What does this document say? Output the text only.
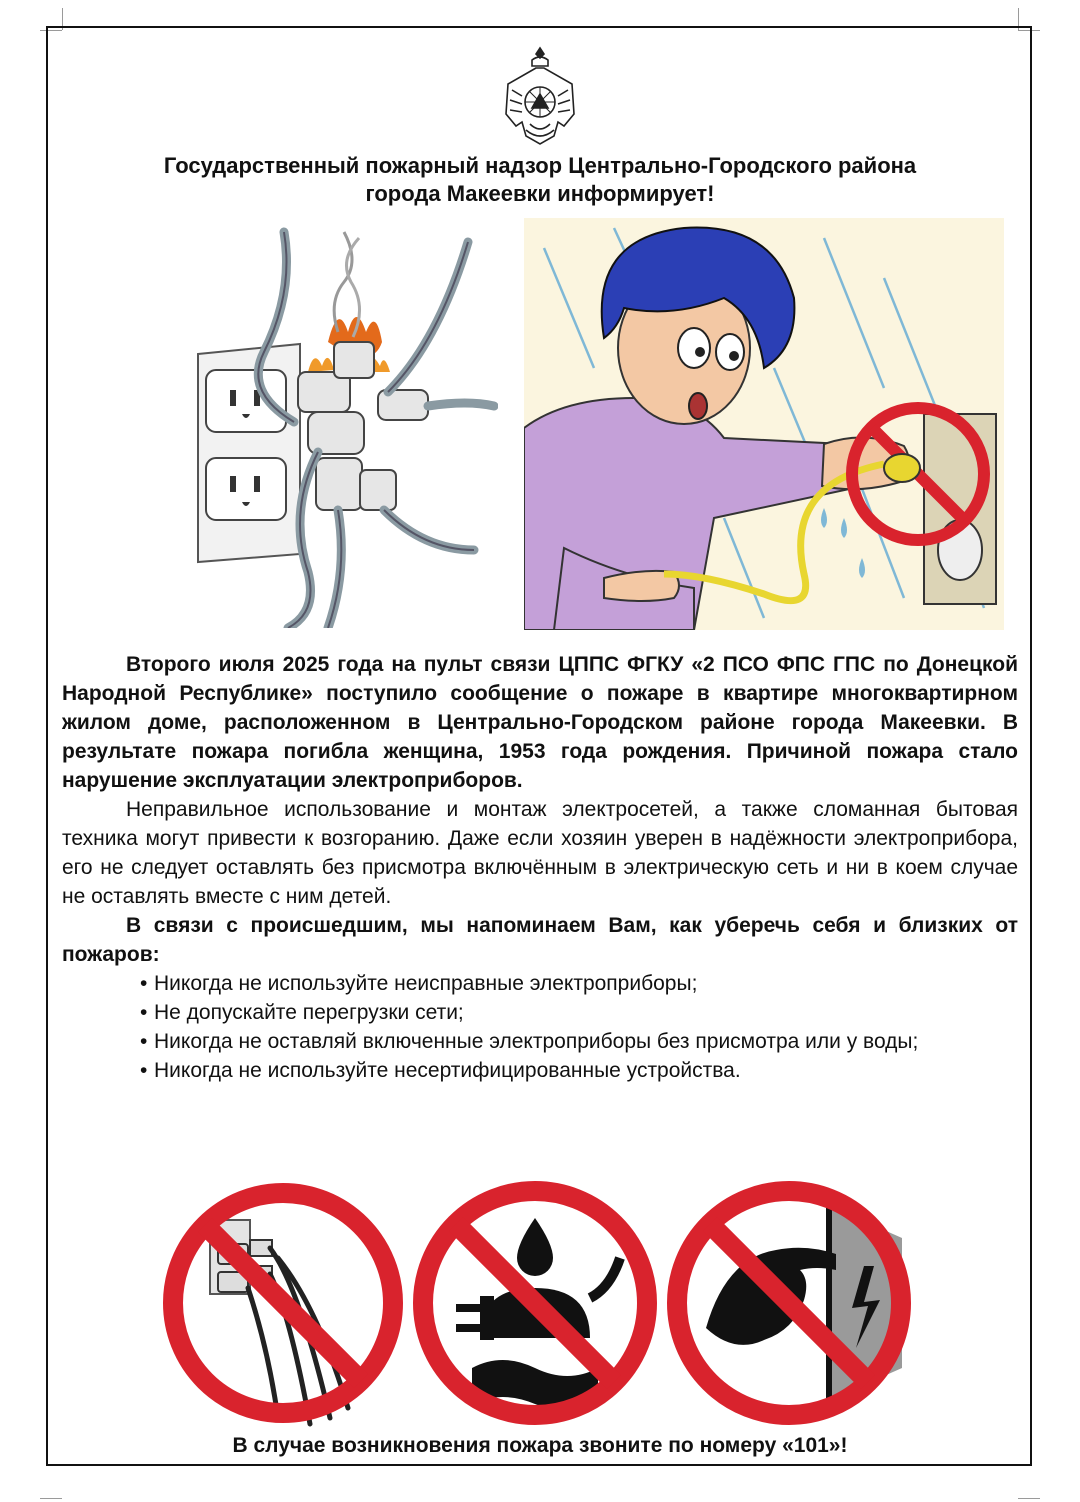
Государственный пожарный надзор Центрально-Городского района
города Макеевки информирует!

Второго июля 2025 года на пульт связи ЦППС ФГКУ «2 ПСО ФПС ГПС по Донецкой Народной Республике» поступило сообщение о пожаре в квартире многоквартирном жилом доме, расположенном в Центрально-Городском районе города Макеевки. В результате пожара погибла женщина, 1953 года рождения. Причиной пожара стало нарушение эксплуатации электроприборов.

Неправильное использование и монтаж электросетей, а также сломанная бытовая техника могут привести к возгоранию. Даже если хозяин уверен в надёжности электроприбора, его не следует оставлять без присмотра включённым в электрическую сеть и ни в коем случае не оставлять вместе с ним детей.

В связи с происшедшим, мы напоминаем Вам, как уберечь себя и близких от пожаров:

• Никогда не используйте неисправные электроприборы;
• Не допускайте перегрузки сети;
• Никогда не оставляй включенные электроприборы без присмотра или у воды;
• Никогда не используйте несертифицированные устройства.
В случае возникновения пожара звоните по номеру «101»!
